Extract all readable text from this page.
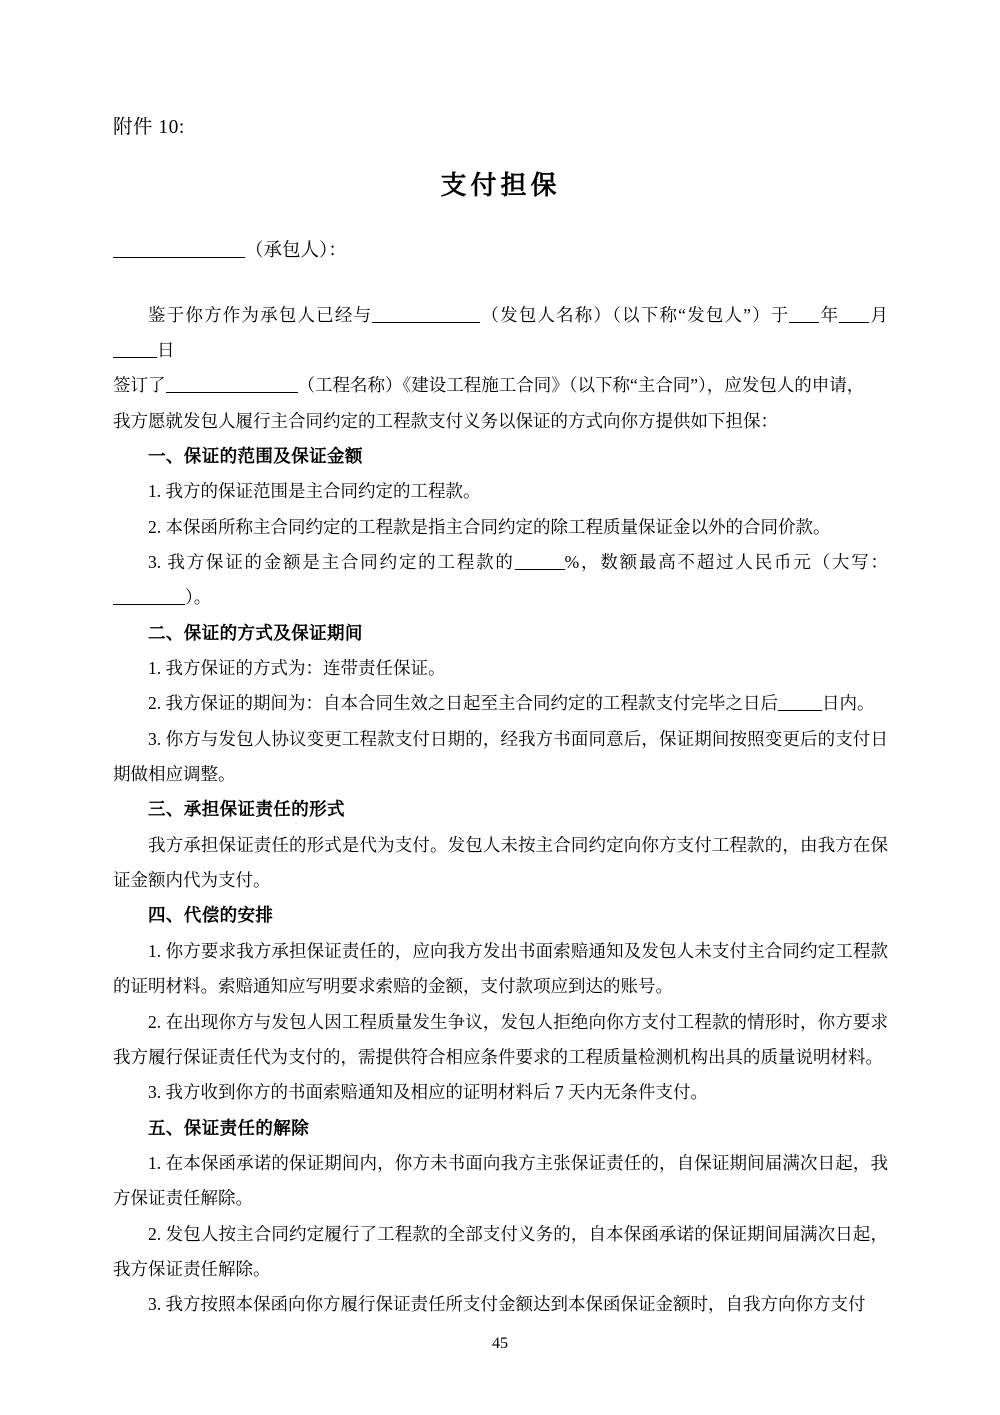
附件 10:
支付担保
（承包人）：

鉴于你方作为承包人已经与	（发包人名称）（以下称“发包人”）于 年 月日

签订了	（工程名称）《建设工程施工合同》（以下称“主合同”），应发包人的申请，

我方愿就发包人履行主合同约定的工程款支付义务以保证的方式向你方提供如下担保：

一、保证的范围及保证金额

1. 我方的保证范围是主合同约定的工程款。

2. 本保函所称主合同约定的工程款是指主合同约定的除工程质量保证金以外的合同价款。

3. 我方保证的金额是主合同约定的工程款的	%，数额最高不超过人民币元（大写：）。

二、保证的方式及保证期间

1. 我方保证的方式为：连带责任保证。

2. 我方保证的期间为：自本合同生效之日起至主合同约定的工程款支付完毕之日后	日内。

3. 你方与发包人协议变更工程款支付日期的，经我方书面同意后，保证期间按照变更后的支付日期做相应调整。

三、承担保证责任的形式

我方承担保证责任的形式是代为支付。发包人未按主合同约定向你方支付工程款的，由我方在保证金额内代为支付。

四、代偿的安排

1. 你方要求我方承担保证责任的，应向我方发出书面索赔通知及发包人未支付主合同约定工程款的证明材料。索赔通知应写明要求索赔的金额，支付款项应到达的账号。

2. 在出现你方与发包人因工程质量发生争议，发包人拒绝向你方支付工程款的情形时，你方要求我方履行保证责任代为支付的，需提供符合相应条件要求的工程质量检测机构出具的质量说明材料。

3. 我方收到你方的书面索赔通知及相应的证明材料后 7 天内无条件支付。

五、保证责任的解除

1. 在本保函承诺的保证期间内，你方未书面向我方主张保证责任的，自保证期间届满次日起，我方保证责任解除。

2. 发包人按主合同约定履行了工程款的全部支付义务的，自本保函承诺的保证期间届满次日起，我方保证责任解除。

3. 我方按照本保函向你方履行保证责任所支付金额达到本保函保证金额时，自我方向你方支付

45
